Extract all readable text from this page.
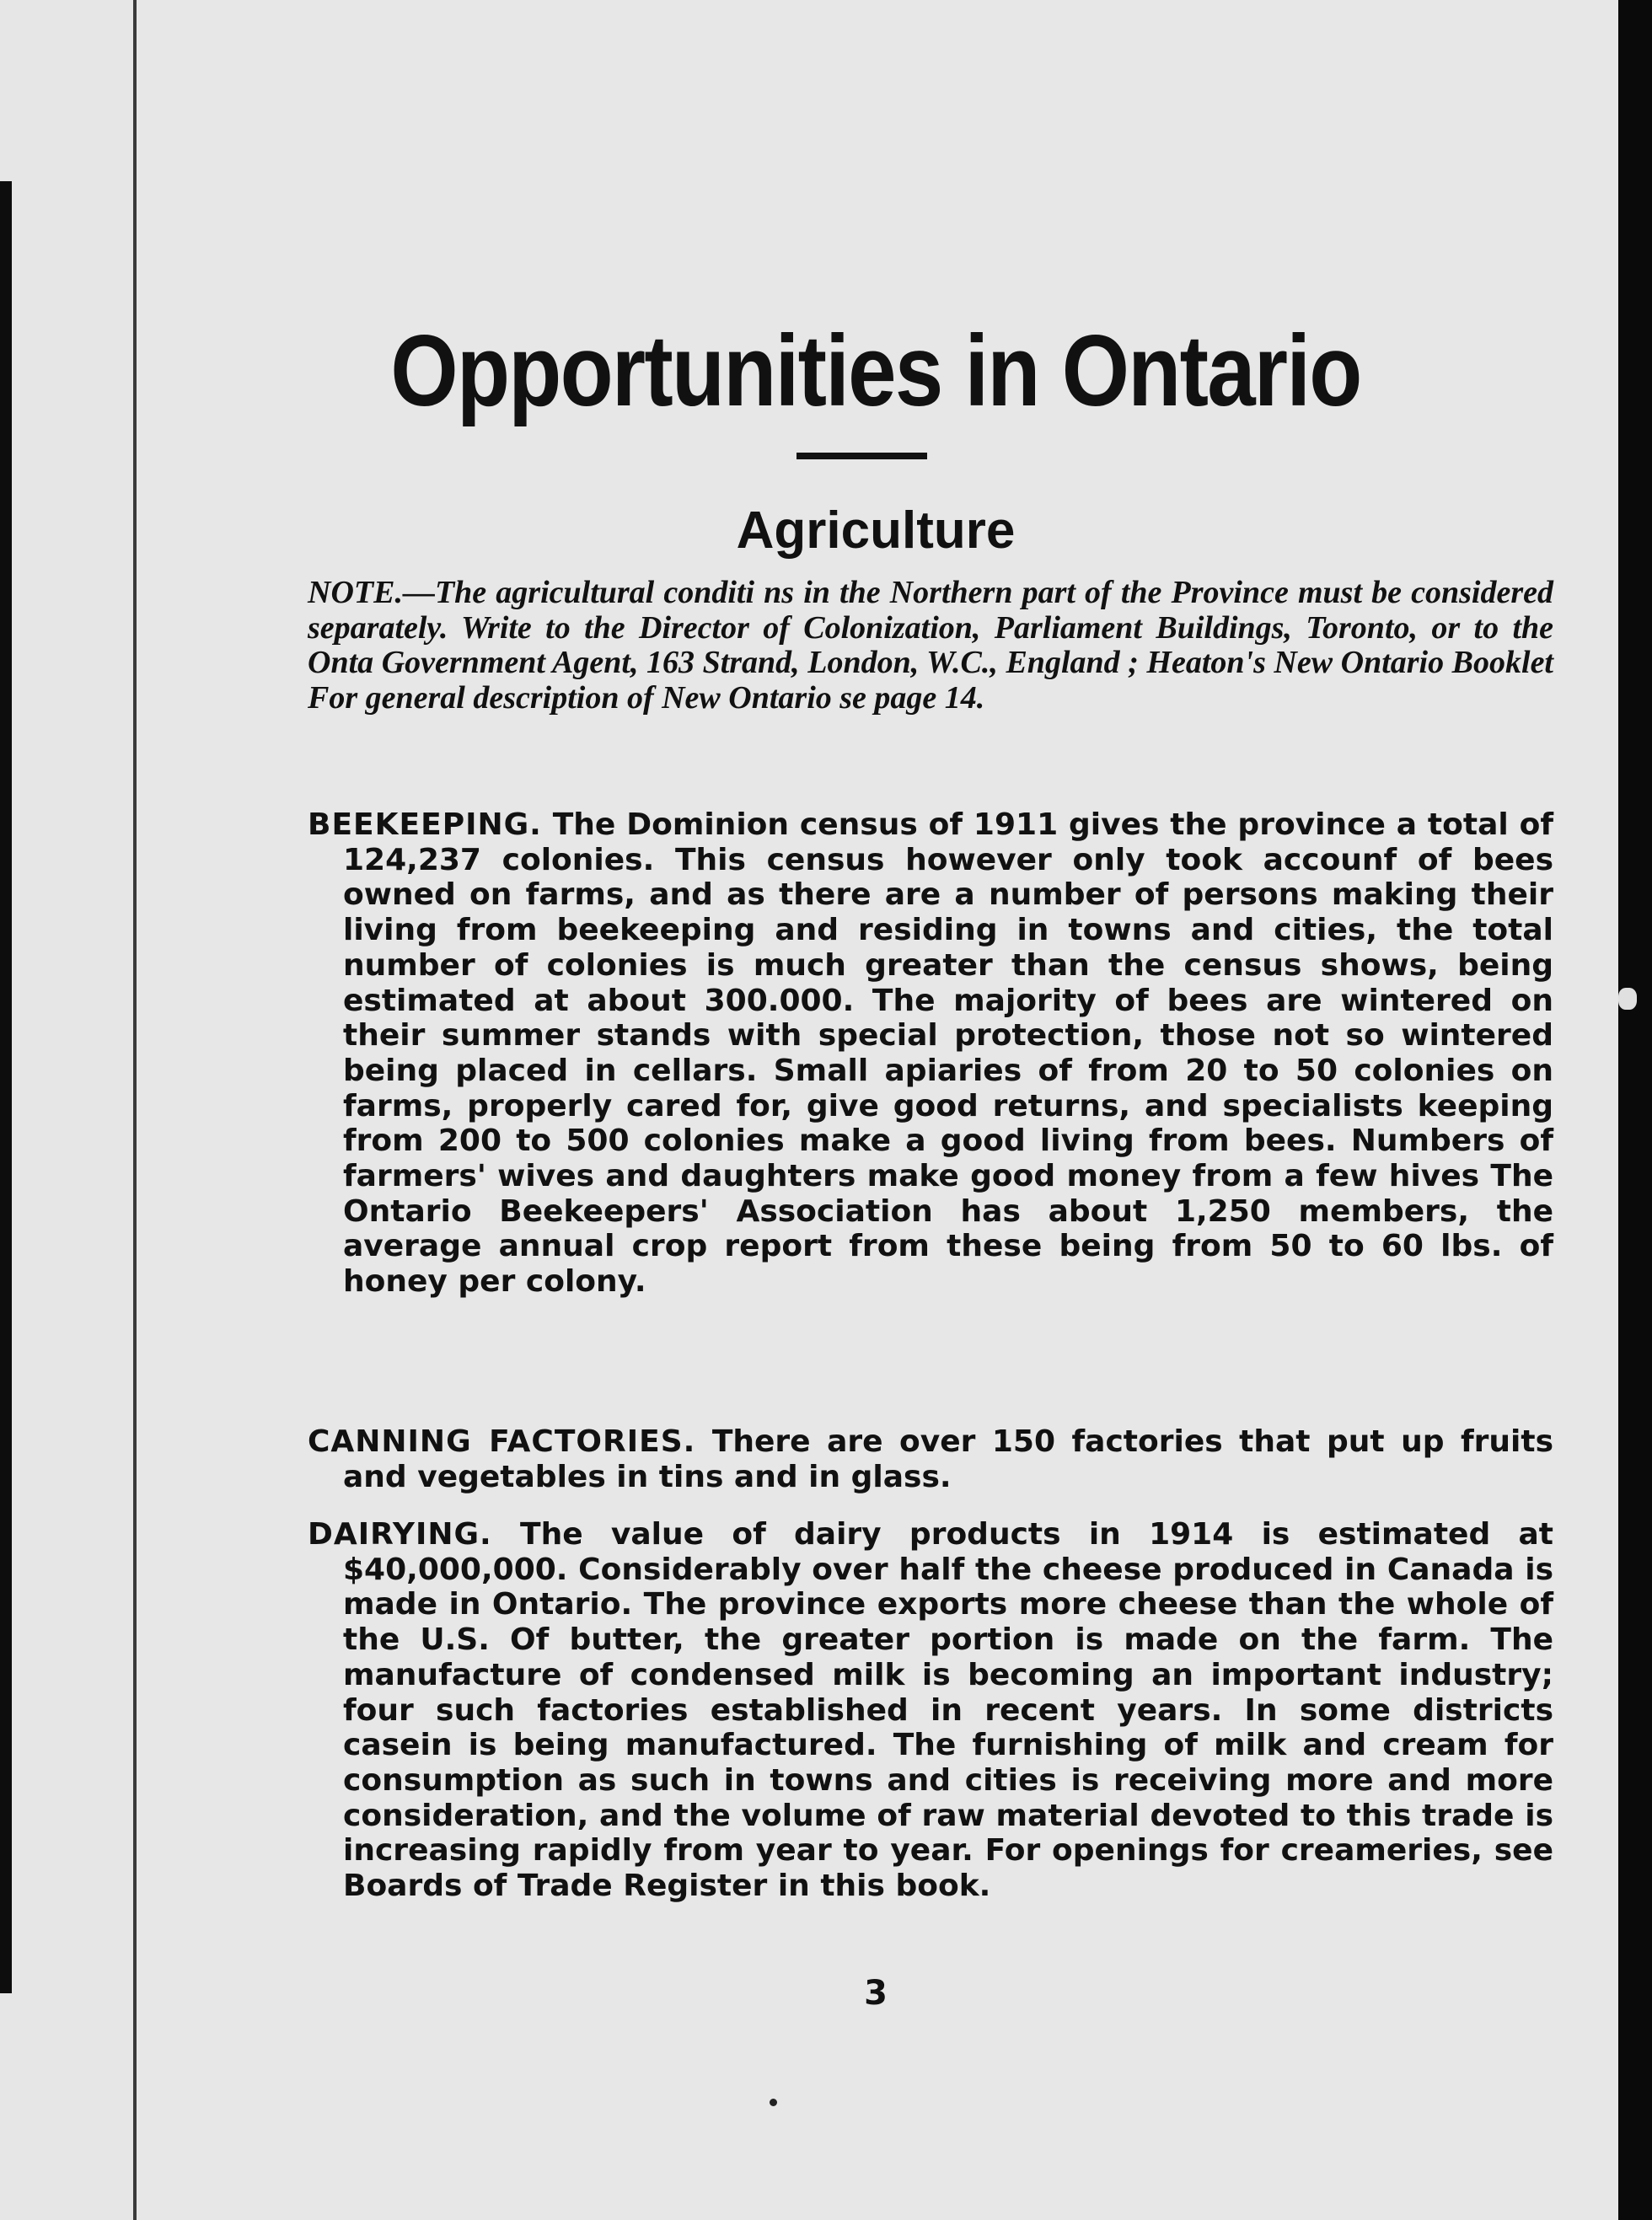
Opportunities in Ontario
Agriculture
NOTE.—The agricultural conditi ns in the Northern part of the Province must be considered separately. Write to the Director of Colonization, Parliament Buildings, Toronto, or to the Onta Government Agent, 163 Strand, London, W.C., England ; Heaton's New Ontario Booklet For general description of New Ontario se page 14.
BEEKEEPING. The Dominion census of 1911 gives the province a total of 124,237 colonies. This census however only took accounf of bees owned on farms, and as there are a number of persons making their living from beekeeping and residing in towns and cities, the total number of colonies is much greater than the census shows, being estimated at about 300.000. The majority of bees are wintered on their summer stands with special protection, those not so wintered being placed in cellars. Small apiaries of from 20 to 50 colonies on farms, properly cared for, give good returns, and specialists keeping from 200 to 500 colonies make a good living from bees. Numbers of farmers' wives and daughters make good money from a few hives The Ontario Beekeepers' Association has about 1,250 members, the average annual crop report from these being from 50 to 60 lbs. of honey per colony.
CANNING FACTORIES. There are over 150 factories that put up fruits and vegetables in tins and in glass.
DAIRYING. The value of dairy products in 1914 is estimated at $40,000,000. Considerably over half the cheese produced in Canada is made in Ontario. The province exports more cheese than the whole of the U.S. Of butter, the greater portion is made on the farm. The manufacture of condensed milk is becoming an important industry; four such factories established in recent years. In some districts casein is being manufactured. The furnishing of milk and cream for consumption as such in towns and cities is receiving more and more consideration, and the volume of raw material devoted to this trade is increasing rapidly from year to year. For openings for creameries, see Boards of Trade Register in this book.
3
